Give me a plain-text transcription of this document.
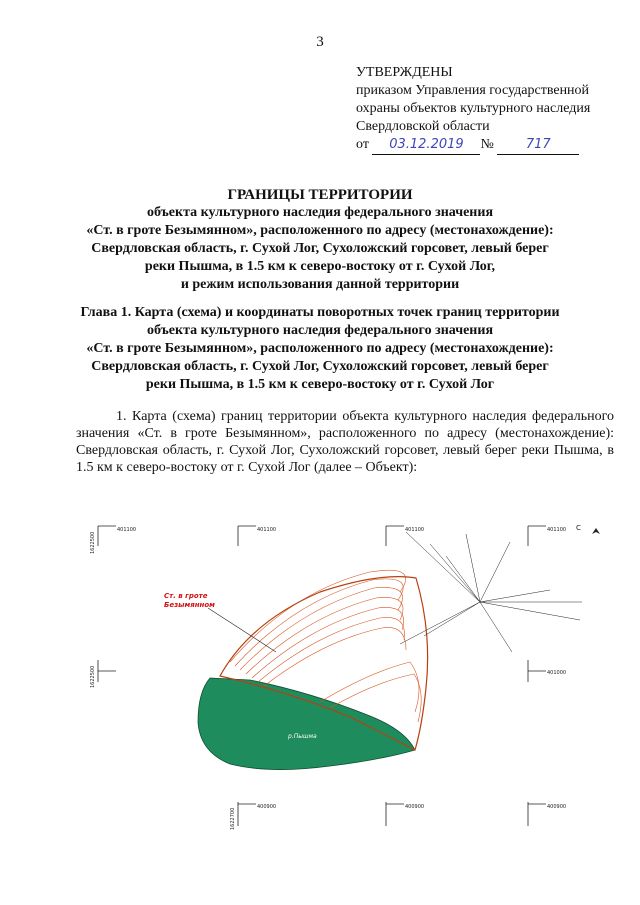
3
УТВЕРЖДЕНЫ
приказом Управления государственной
охраны объектов культурного наследия
Свердловской области
от 03.12.2019 № 717
ГРАНИЦЫ ТЕРРИТОРИИ
объекта культурного наследия федерального значения
«Ст. в гроте Безымянном», расположенного по адресу (местонахождение):
Свердловская область, г. Сухой Лог, Сухоложский горсовет, левый берег
реки Пышма, в 1.5 км к северо-востоку от г. Сухой Лог,
и режим использования данной территории
Глава 1. Карта (схема) и координаты поворотных точек границ территории
объекта культурного наследия федерального значения
«Ст. в гроте Безымянном», расположенного по адресу (местонахождение):
Свердловская область, г. Сухой Лог, Сухоложский горсовет, левый берег
реки Пышма, в 1.5 км к северо-востоку от г. Сухой Лог
1. Карта (схема) границ территории объекта культурного наследия федерального значения «Ст. в гроте Безымянном», расположенного по адресу (местонахождение): Свердловская область, г. Сухой Лог, Сухоложский горсовет, левый берег реки Пышма, в 1.5 км к северо-востоку от г. Сухой Лог (далее – Объект):
401100	401100	401100	401100
401000
400900	400900	400900
1622500
1622500
1622700
Ст. в гроте
Безымянном
р.Пышма
С
